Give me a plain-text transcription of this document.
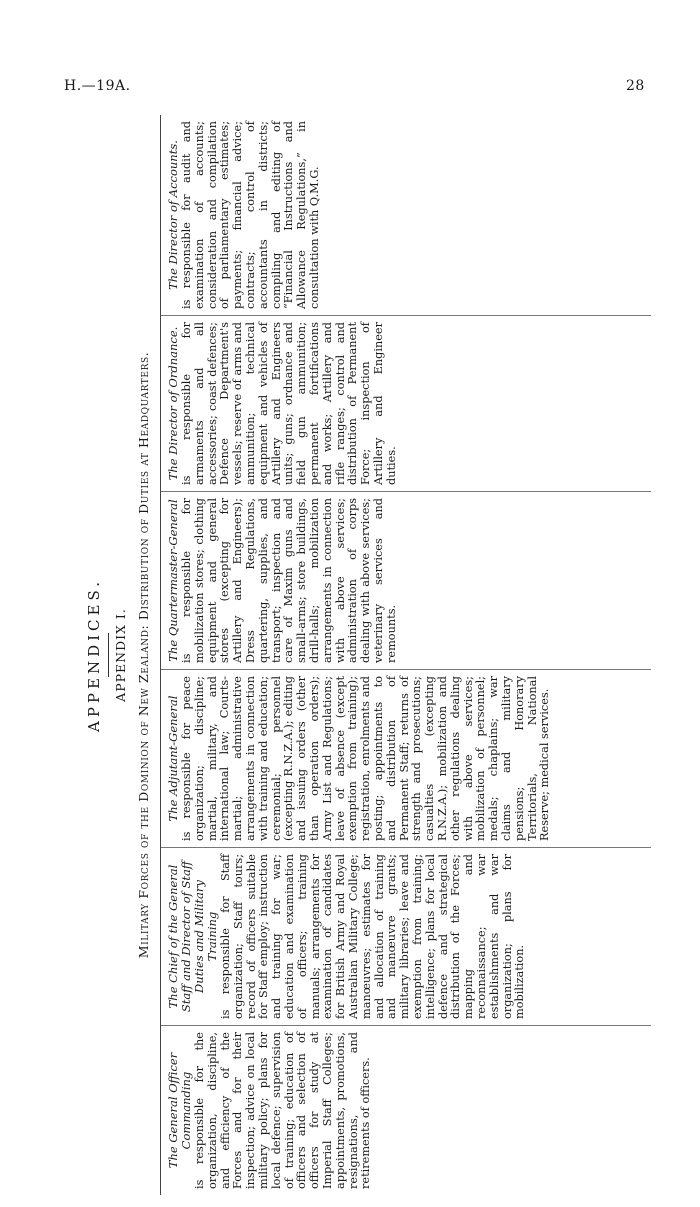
H.—19A.	28
APPENDICES. APPENDIX I. Military Forces of the Dominion of New Zealand: Distribution of Duties at Headquarters.
The General Officer Commanding is responsible for the organization, discipline, and efficiency of the Forces and for their inspection; advice on local military policy; plans for local defence; supervision of training; education of officers and selection of officers for study at Imperial Staff Colleges; appointments, promotions, resignations, and retirements of officers.
The Chief of the General Staff and Director of Staff Duties and Military Training is responsible for Staff organization; Staff tours; record of officers suitable for Staff employ; instruction and training for war; education and examination of officers; training manuals; arrangements for examination of candidates for British Army and Royal Australian Military College; manœuvres; estimates for and allocation of training and manœuvre grants; military libraries; leave and exemption from training; intelligence; plans for local defence and strategical distribution of the Forces; mapping and reconnaissance; war establishments and war organization; plans for mobilization.
The Adjutant-General is responsible for peace organization; discipline; martial, military, and international law; Courts-martial; administrative arrangements in connection with training and education; ceremonial; personnel (excepting R.N.Z.A.); editing and issuing orders (other than operation orders); Army List and Regulations; leave of absence (except exemption from training); registration, enrolments and posting; appointments to and distribution of Permanent Staff; returns of strength and prosecutions; casualties (excepting R.N.Z.A.); mobilization and other regulations dealing with above services; mobilization of personnel; medals; chaplains; war claims and military pensions; Honorary Territorials, National Reserve; medical services.
The Quartermaster-General is responsible for mobilization stores; clothing equipment and general stores (excepting for Artillery and Engineers); Dress Regulations, quartering, supplies, and transport; inspection and care of Maxim guns and small-arms; store buildings, drill-halls; mobilization arrangements in connection with above services; administration of corps dealing with above services; veterinary services and remounts.
The Director of Ordnance. is responsible for armaments and all accessories; coast defences; Defence Department's vessels; reserve of arms and ammunition; technical equipment and vehicles of Artillery and Engineers units; guns; ordnance and field gun ammunition; permanent fortifications and works; Artillery and rifle ranges; control and distribution of Permanent Force; inspection of Artillery and Engineer duties.
The Director of Accounts. is responsible for audit and examination of accounts; consideration and compilation of parliamentary estimates; payments; financial advice; contracts; control of accountants in districts; compiling and editing of “Financial Instructions and Allowance Regulations,” in consultation with Q.M.G.
